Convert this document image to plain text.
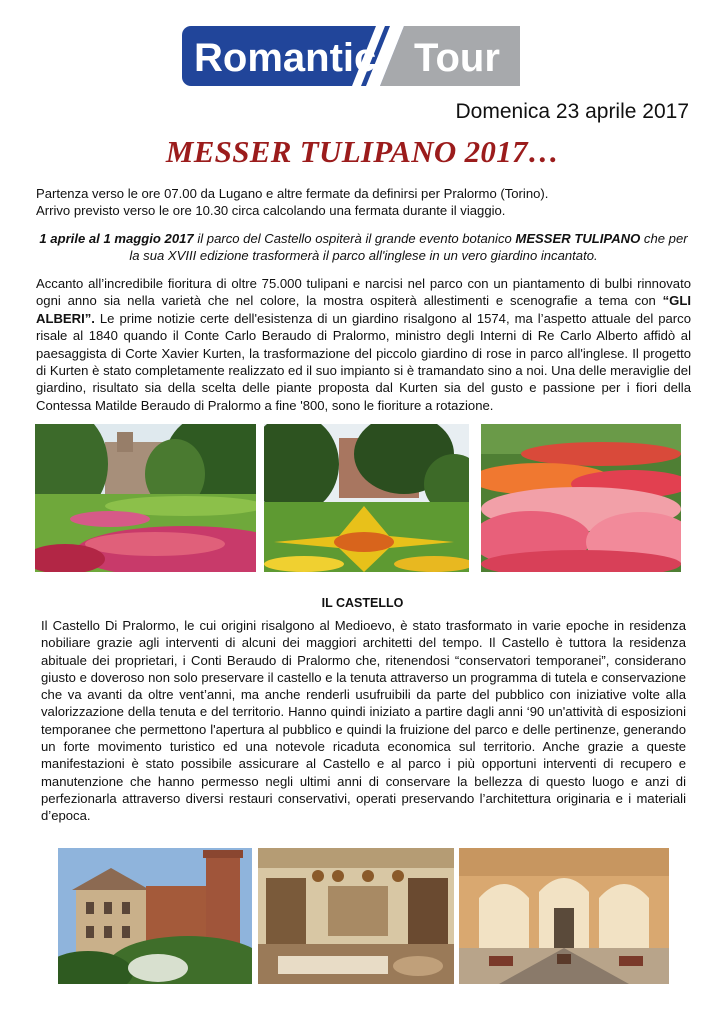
Romantic Tour
Domenica 23 aprile 2017
MESSER TULIPANO 2017…
Partenza verso le ore 07.00 da Lugano e altre fermate da definirsi per Pralormo (Torino).
Arrivo previsto verso le ore 10.30 circa calcolando una fermata durante il viaggio.
1 aprile al 1 maggio 2017 il parco del Castello ospiterà il grande evento botanico MESSER TULIPANO che per la sua XVIII edizione trasformerà il parco all'inglese in un vero giardino incantato.
Accanto all’incredibile fioritura di oltre 75.000 tulipani e narcisi nel parco con un piantamento di bulbi rinnovato ogni anno sia nella varietà che nel colore, la mostra ospiterà allestimenti e scenografie a tema con “GLI ALBERI”. Le prime notizie certe dell'esistenza di un giardino risalgono al 1574, ma l’aspetto attuale del parco risale al 1840 quando il Conte Carlo Beraudo di Pralormo, ministro degli Interni di Re Carlo Alberto affidò al paesaggista di Corte Xavier Kurten, la trasformazione del piccolo giardino di rose in parco all'inglese. Il progetto di Kurten è stato completamente realizzato ed il suo impianto si è tramandato sino a noi. Una delle meraviglie del giardino, risultato sia della scelta delle piante proposta dal Kurten sia del gusto e passione per i fiori della Contessa Matilde Beraudo di Pralormo a fine '800, sono le fioriture a rotazione.
IL CASTELLO
Il Castello Di Pralormo, le cui origini risalgono al Medioevo, è stato trasformato in varie epoche in residenza nobiliare grazie agli interventi di alcuni dei maggiori architetti del tempo. Il Castello è tuttora la residenza abituale dei proprietari, i Conti Beraudo di Pralormo che, ritenendosi “conservatori temporanei”, considerano giusto e doveroso non solo preservare il castello e la tenuta attraverso un programma di tutela e conservazione che va avanti da oltre vent’anni, ma anche renderli usufruibili da parte del pubblico con iniziative volte alla valorizzazione della tenuta e del territorio. Hanno quindi iniziato a partire dagli anni ‘90 un'attività di esposizioni temporanee che permettono l'apertura al pubblico e quindi la fruizione del parco e delle pertinenze, generando un forte movimento turistico ed una notevole ricaduta economica sul territorio. Anche grazie a queste manifestazioni è stato possibile assicurare al Castello e al parco i più opportuni interventi di recupero e manutenzione che hanno permesso negli ultimi anni di conservare la bellezza di questo luogo e anzi di perfezionarla attraverso diversi restauri conservativi, operati preservando l’architettura originaria e i materiali d’epoca.
